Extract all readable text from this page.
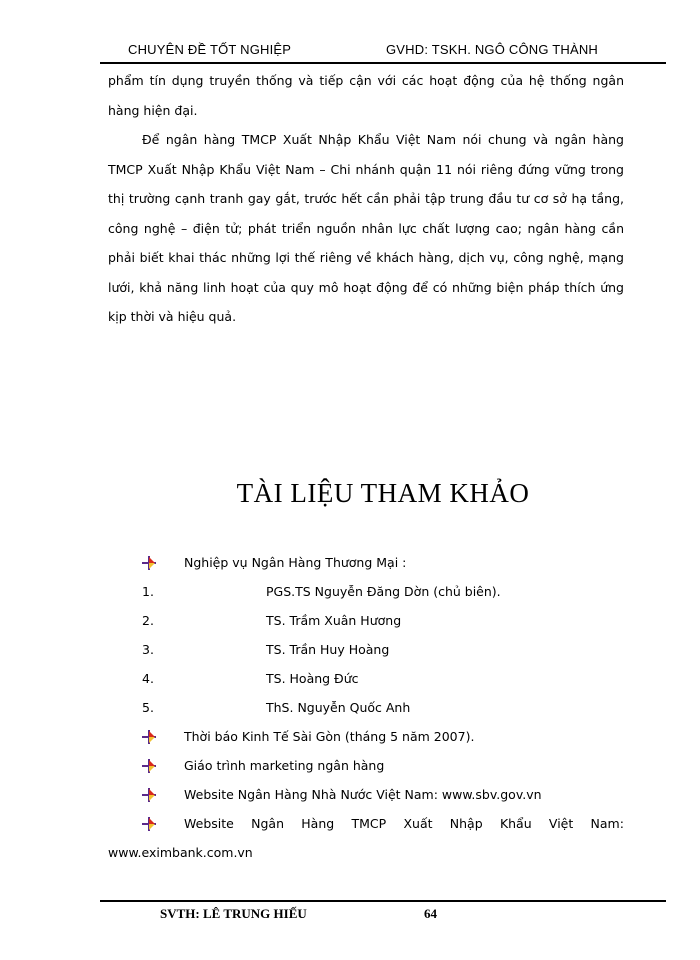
CHUYÊN ĐỀ TỐT NGHIỆP	GVHD: TSKH. NGÔ CÔNG THÀNH
phẩm tín dụng truyền thống và tiếp cận với các hoạt động của hệ thống ngân hàng hiện đại.
Để ngân hàng TMCP Xuất Nhập Khẩu Việt Nam nói chung và ngân hàng TMCP Xuất Nhập Khẩu Việt Nam – Chi nhánh quận 11 nói riêng đứng vững trong thị trường cạnh tranh gay gắt, trước hết cần phải tập trung đầu tư cơ sở hạ tầng, công nghệ – điện tử; phát triển nguồn nhân lực chất lượng cao; ngân hàng cần phải biết khai thác những lợi thế riêng về khách hàng, dịch vụ, công nghệ, mạng lưới, khả năng linh hoạt của quy mô hoạt động để có những biện pháp thích ứng kịp thời và hiệu quả.
TÀI LIỆU THAM KHẢO
Nghiệp vụ Ngân Hàng Thương Mại :
1.	PGS.TS Nguyễn Đăng Dờn (chủ biên).
2.	TS. Trầm Xuân Hương
3.	TS. Trần Huy Hoàng
4.	TS. Hoàng Đức
5.	ThS. Nguyễn Quốc Anh
Thời báo Kinh Tế Sài Gòn (tháng 5 năm 2007).
Giáo trình marketing ngân hàng
Website Ngân Hàng Nhà Nước Việt Nam: www.sbv.gov.vn
Website Ngân Hàng TMCP Xuất Nhập Khẩu Việt Nam:
www.eximbank.com.vn
SVTH: LÊ TRUNG HIẾU	64
